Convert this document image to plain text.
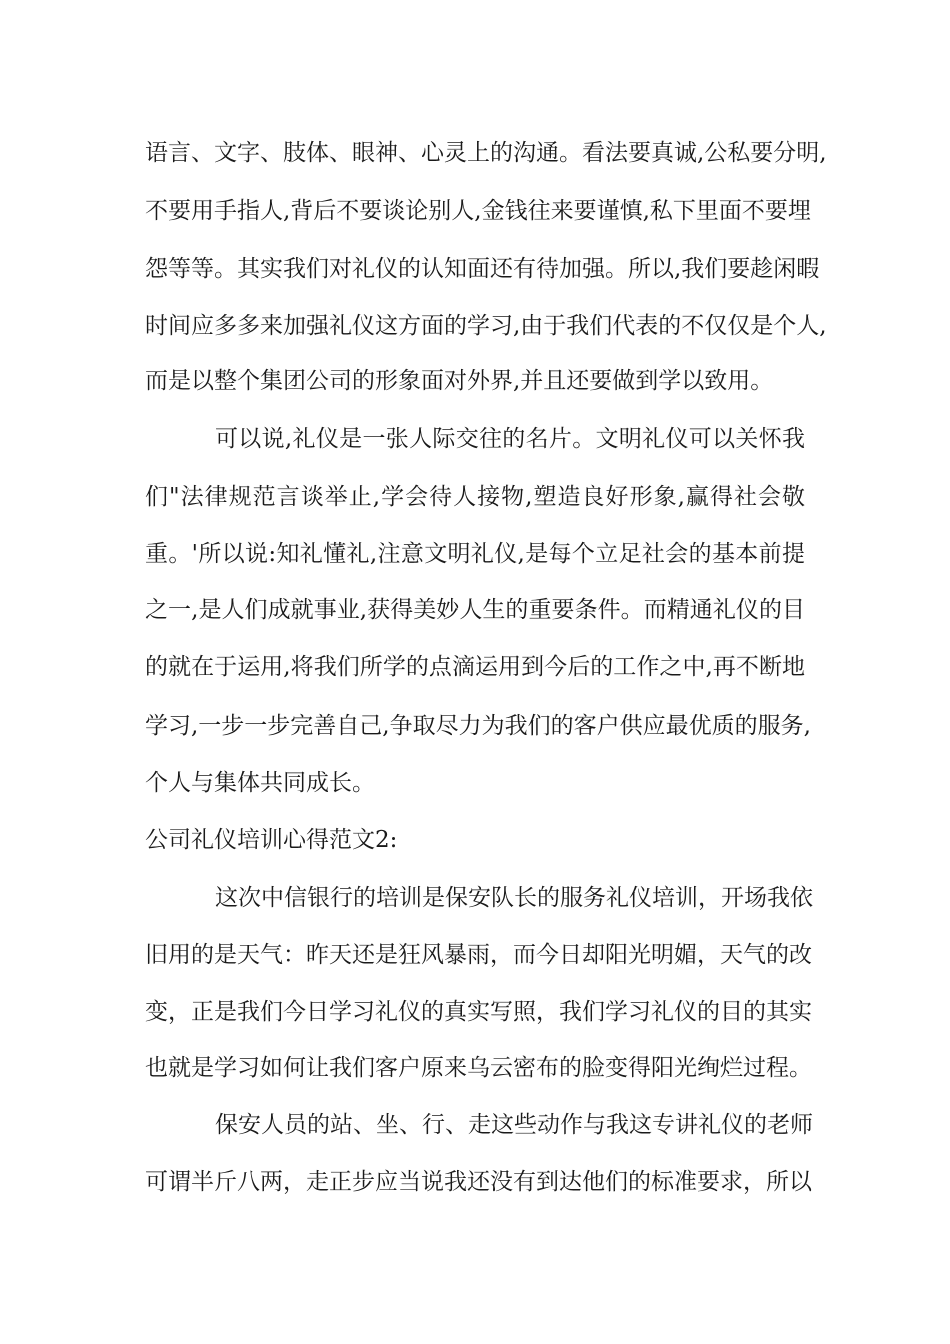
语言、文字、肢体、眼神、心灵上的沟通。看法要真诚,公私要分明,
不要用手指人,背后不要谈论别人,金钱往来要谨慎,私下里面不要埋
怨等等。其实我们对礼仪的认知面还有待加强。所以,我们要趁闲暇
时间应多多来加强礼仪这方面的学习,由于我们代表的不仅仅是个人,
而是以整个集团公司的形象面对外界,并且还要做到学以致用。
可以说,礼仪是一张人际交往的名片。文明礼仪可以关怀我
们"法律规范言谈举止,学会待人接物,塑造良好形象,赢得社会敬
重。'所以说:知礼懂礼,注意文明礼仪,是每个立足社会的基本前提
之一,是人们成就事业,获得美妙人生的重要条件。而精通礼仪的目
的就在于运用,将我们所学的点滴运用到今后的工作之中,再不断地
学习,一步一步完善自己,争取尽力为我们的客户供应最优质的服务,
个人与集体共同成长。
公司礼仪培训心得范文2:
这次中信银行的培训是保安队长的服务礼仪培训，开场我依
旧用的是天气：昨天还是狂风暴雨，而今日却阳光明媚，天气的改
变，正是我们今日学习礼仪的真实写照，我们学习礼仪的目的其实
也就是学习如何让我们客户原来乌云密布的脸变得阳光绚烂过程。
保安人员的站、坐、行、走这些动作与我这专讲礼仪的老师
可谓半斤八两，走正步应当说我还没有到达他们的标准要求，所以
